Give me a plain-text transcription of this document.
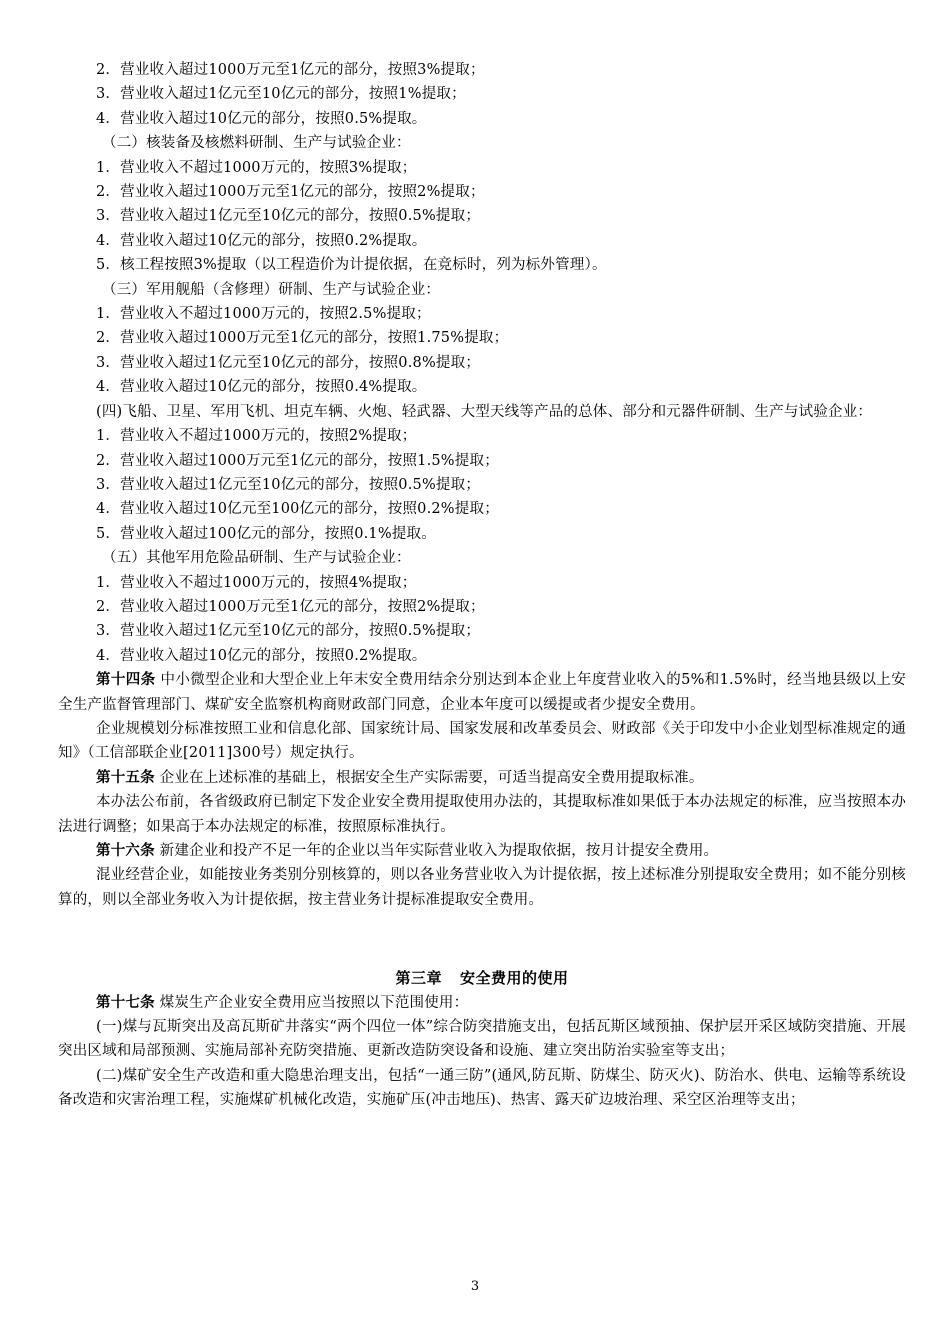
2．营业收入超过1000万元至1亿元的部分，按照3%提取；

3．营业收入超过1亿元至10亿元的部分，按照1%提取；

4．营业收入超过10亿元的部分，按照0.5%提取。

（二）核装备及核燃料研制、生产与试验企业：

1．营业收入不超过1000万元的，按照3%提取；

2．营业收入超过1000万元至1亿元的部分，按照2%提取；

3．营业收入超过1亿元至10亿元的部分，按照0.5%提取；

4．营业收入超过10亿元的部分，按照0.2%提取。

5．核工程按照3%提取（以工程造价为计提依据，在竞标时，列为标外管理）。

（三）军用舰船（含修理）研制、生产与试验企业：

1．营业收入不超过1000万元的，按照2.5%提取；

2．营业收入超过1000万元至1亿元的部分，按照1.75%提取；

3．营业收入超过1亿元至10亿元的部分，按照0.8%提取；

4．营业收入超过10亿元的部分，按照0.4%提取。

(四)飞船、卫星、军用飞机、坦克车辆、火炮、轻武器、大型天线等产品的总体、部分和元器件研制、生产与试验企业：

1．营业收入不超过1000万元的，按照2%提取；

2．营业收入超过1000万元至1亿元的部分，按照1.5%提取；

3．营业收入超过1亿元至10亿元的部分，按照0.5%提取；

4．营业收入超过10亿元至100亿元的部分，按照0.2%提取；

5．营业收入超过100亿元的部分，按照0.1%提取。

（五）其他军用危险品研制、生产与试验企业：

1．营业收入不超过1000万元的，按照4%提取；

2．营业收入超过1000万元至1亿元的部分，按照2%提取；

3．营业收入超过1亿元至10亿元的部分，按照0.5%提取；

4．营业收入超过10亿元的部分，按照0.2%提取。

第十四条 中小微型企业和大型企业上年末安全费用结余分别达到本企业上年度营业收入的5%和1.5%时，经当地县级以上安全生产监督管理部门、煤矿安全监察机构商财政部门同意，企业本年度可以缓提或者少提安全费用。

企业规模划分标准按照工业和信息化部、国家统计局、国家发展和改革委员会、财政部《关于印发中小企业划型标准规定的通知》（工信部联企业[2011]300号）规定执行。

第十五条 企业在上述标准的基础上，根据安全生产实际需要，可适当提高安全费用提取标准。

本办法公布前，各省级政府已制定下发企业安全费用提取使用办法的，其提取标准如果低于本办法规定的标准，应当按照本办法进行调整；如果高于本办法规定的标准，按照原标准执行。

第十六条 新建企业和投产不足一年的企业以当年实际营业收入为提取依据，按月计提安全费用。

混业经营企业，如能按业务类别分别核算的，则以各业务营业收入为计提依据，按上述标准分别提取安全费用；如不能分别核算的，则以全部业务收入为计提依据，按主营业务计提标准提取安全费用。

第三章 安全费用的使用

第十七条 煤炭生产企业安全费用应当按照以下范围使用：

(一)煤与瓦斯突出及高瓦斯矿井落实“两个四位一体”综合防突措施支出，包括瓦斯区域预抽、保护层开采区域防突措施、开展突出区域和局部预测、实施局部补充防突措施、更新改造防突设备和设施、建立突出防治实验室等支出；

(二)煤矿安全生产改造和重大隐患治理支出，包括“一通三防”(通风,防瓦斯、防煤尘、防灭火)、防治水、供电、运输等系统设备改造和灾害治理工程，实施煤矿机械化改造，实施矿压(冲击地压)、热害、露天矿边坡治理、采空区治理等支出；

3
